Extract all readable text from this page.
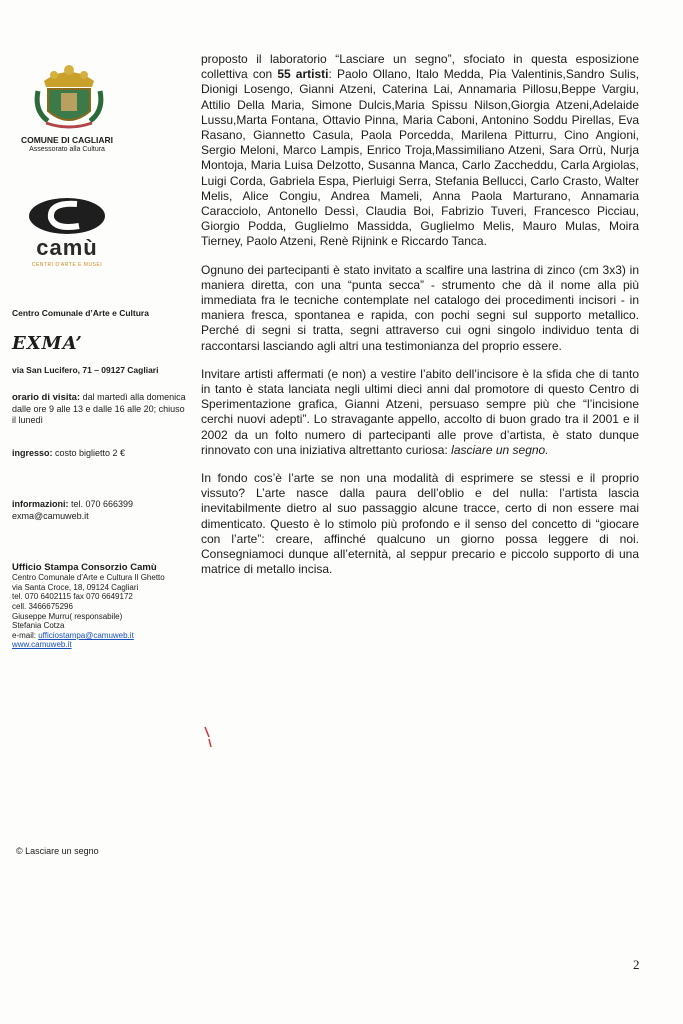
COMUNE DI CAGLIARI
Assessorato alla Cultura
camù
CENTRI D'ARTE E MUSEI
Centro Comunale d’Arte e Cultura
EXMA’
via San Lucifero, 71 – 09127 Cagliari
orario di visita: dal martedì alla domenica dalle ore 9 alle 13 e dalle 16 alle 20; chiuso il lunedì
ingresso: costo biglietto 2 €
informazioni: tel. 070 666399
exma@camuweb.it
Ufficio Stampa Consorzio Camù
Centro Comunale d'Arte e Cultura Il Ghetto
via Santa Croce, 18, 09124 Cagliari
tel. 070 6402115 fax 070 6649172
cell. 3466675296
Giuseppe Murru( responsabile)
Stefania Cotza
e-mail: ufficiostampa@camuweb.it
www.camuweb.it
© Lasciare un segno

proposto il laboratorio “Lasciare un segno”, sfociato in questa esposizione collettiva con 55 artisti: Paolo Ollano, Italo Medda, Pia Valentinis,Sandro Sulis, Dionigi Losengo, Gianni Atzeni, Caterina Lai, Annamaria Pillosu,Beppe Vargiu, Attilio Della Maria, Simone Dulcis,Maria Spissu Nilson,Giorgia Atzeni,Adelaide Lussu,Marta Fontana, Ottavio Pinna, Maria Caboni, Antonino Soddu Pirellas, Eva Rasano, Giannetto Casula, Paola Porcedda, Marilena Pitturru, Cino Angioni, Sergio Meloni, Marco Lampis, Enrico Troja,Massimiliano Atzeni, Sara Orrù, Nurja Montoja, Maria Luisa Delzotto, Susanna Manca, Carlo Zaccheddu, Carla Argiolas, Luigi Corda, Gabriela Espa, Pierluigi Serra, Stefania Bellucci, Carlo Crasto, Walter Melis, Alice Congiu, Andrea Mameli, Anna Paola Marturano, Annamaria Caracciolo, Antonello Dessì, Claudia Boi, Fabrizio Tuveri, Francesco Picciau, Giorgio Podda, Guglielmo Massidda, Guglielmo Melis, Mauro Mulas, Moira Tierney, Paolo Atzeni, Renè Rijnink e Riccardo Tanca.

Ognuno dei partecipanti è stato invitato a scalfire una lastrina di zinco (cm 3x3) in maniera diretta, con una “punta secca” - strumento che dà il nome alla più immediata fra le tecniche contemplate nel catalogo dei procedimenti incisori - in maniera fresca, spontanea e rapida, con pochi segni sul supporto metallico. Perché di segni si tratta, segni attraverso cui ogni singolo individuo tenta di raccontarsi lasciando agli altri una testimonianza del proprio essere.

Invitare artisti affermati (e non) a vestire l’abito dell’incisore è la sfida che di tanto in tanto è stata lanciata negli ultimi dieci anni dal promotore di questo Centro di Sperimentazione grafica, Gianni Atzeni, persuaso sempre più che “l’incisione cerchi nuovi adepti”. Lo stravagante appello, accolto di buon grado tra il 2001 e il 2002 da un folto numero di partecipanti alle prove d’artista, è stato dunque rinnovato con una iniziativa altrettanto curiosa: lasciare un segno.

In fondo cos’è l’arte se non una modalità di esprimere se stessi e il proprio vissuto? L’arte nasce dalla paura dell’oblio e del nulla: l’artista lascia inevitabilmente dietro al suo passaggio alcune tracce, certo di non essere mai dimenticato. Questo è lo stimolo più profondo e il senso del concetto di “giocare con l’arte”: creare, affinché qualcuno un giorno possa leggere di noi. Consegniamoci dunque all’eternità, al seppur precario e piccolo supporto di una matrice di metallo incisa.

2
